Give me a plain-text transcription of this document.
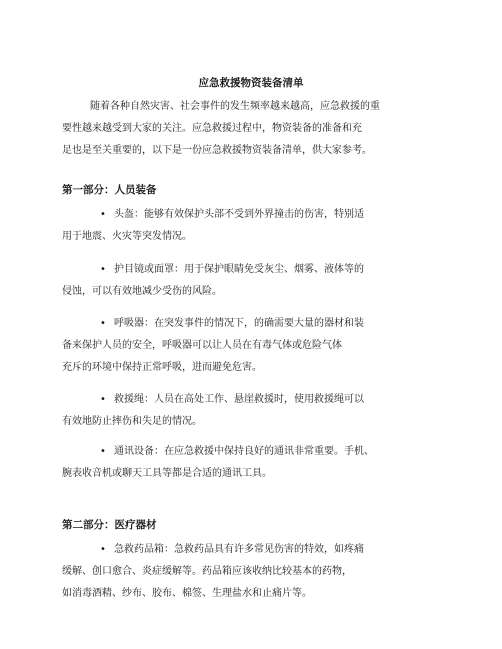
应急救援物资装备清单
随着各种自然灾害、社会事件的发生频率越来越高，应急救援的重
要性越来越受到大家的关注。应急救援过程中，物资装备的准备和充
足也是至关重要的，以下是一份应急救援物资装备清单，供大家参考。
第一部分：人员装备
• 头盔：能够有效保护头部不受到外界撞击的伤害，特别适
用于地震、火灾等突发情况。
• 护目镜或面罩：用于保护眼睛免受灰尘、烟雾、液体等的
侵蚀，可以有效地减少受伤的风险。
• 呼吸器：在突发事件的情况下，的确需要大量的器材和装
备来保护人员的安全，呼吸器可以让人员在有毒气体或危险气体
充斥的环境中保持正常呼吸，进而避免危害。
• 救援绳：人员在高处工作、悬崖救援时，使用救援绳可以
有效地防止摔伤和失足的情况。
• 通讯设备：在应急救援中保持良好的通讯非常重要。手机、
腕表收音机或聊天工具等都是合适的通讯工具。
第二部分：医疗器材
• 急救药品箱：急救药品具有许多常见伤害的特效，如疼痛
缓解、创口愈合、炎症缓解等。药品箱应该收纳比较基本的药物，
如消毒酒精、纱布、胶布、棉签、生理盐水和止痛片等。
